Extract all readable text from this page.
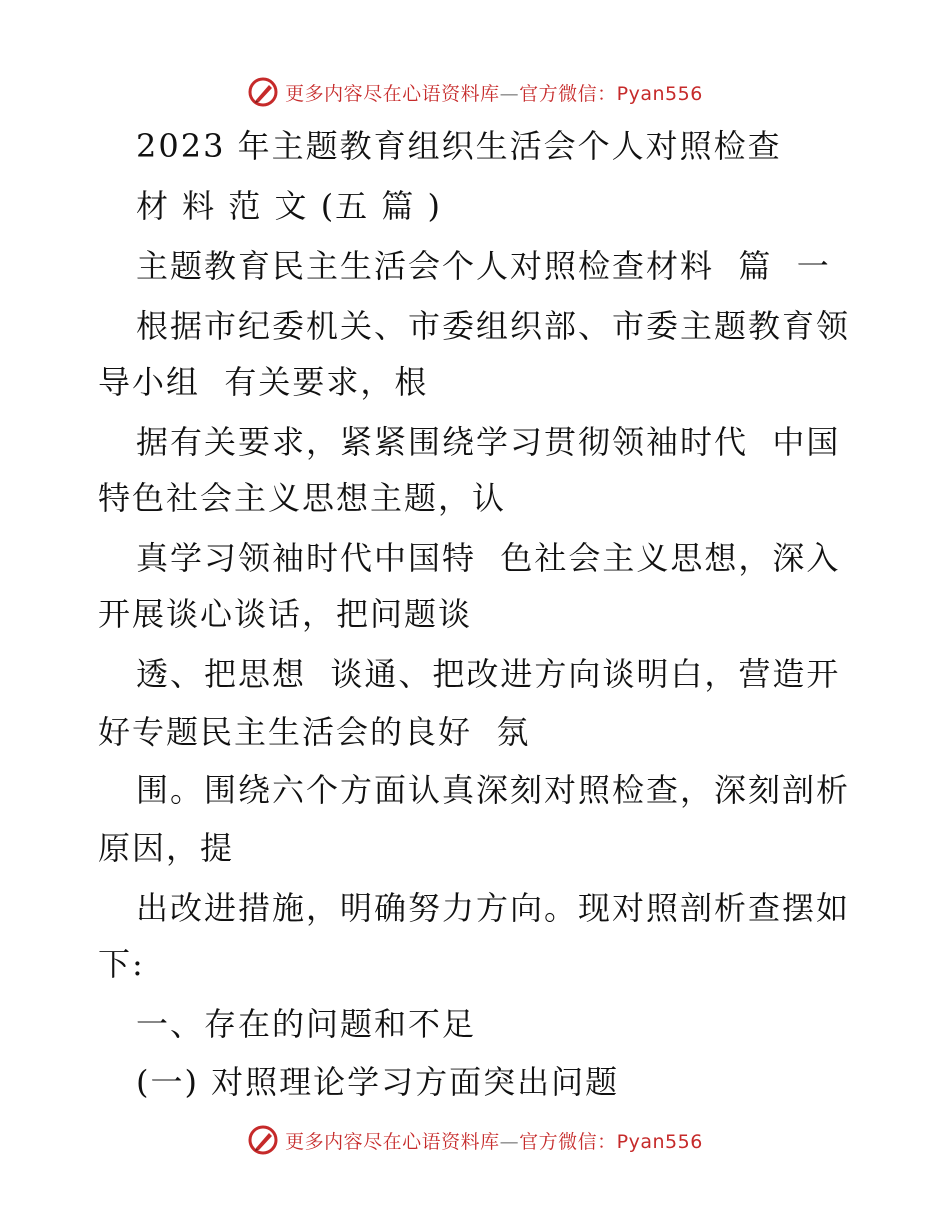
更多内容尽在心语资料库—官方微信：Pyan556
2023 年主题教育组织生活会个人对照检查
材 料 范 文 (五 篇 )
主题教育民主生活会个人对照检查材料  篇  一
根据市纪委机关、市委组织部、市委主题教育领
导小组  有关要求，根
据有关要求，紧紧围绕学习贯彻领袖时代  中国
特色社会主义思想主题，认
真学习领袖时代中国特  色社会主义思想，深入
开展谈心谈话，把问题谈
透、把思想  谈通、把改进方向谈明白，营造开
好专题民主生活会的良好  氛
围。围绕六个方面认真深刻对照检查，深刻剖析
原因，提
出改进措施，明确努力方向。现对照剖析查摆如
下:
一、存在的问题和不足
(一) 对照理论学习方面突出问题
更多内容尽在心语资料库—官方微信：Pyan556
